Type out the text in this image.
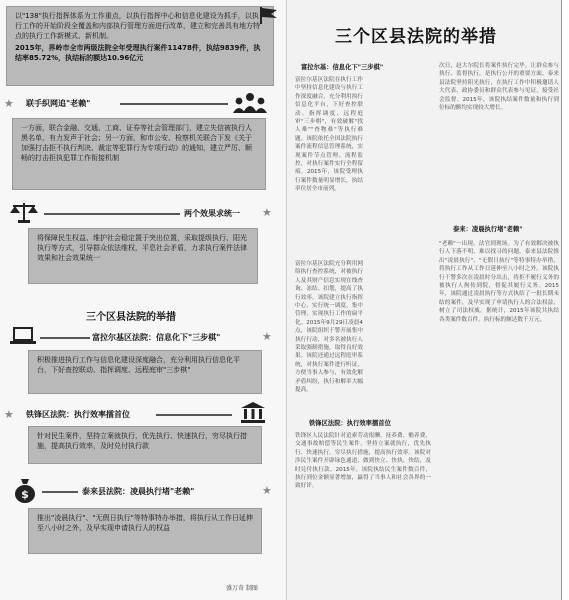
以"138"执行指挥体系为工作重点，以执行指挥中心和信息化建设为抓手，以执行工作的开始阶段全覆盖和内部执行管理方面进行改革，建立和完善具有地方特点的执行工作新模式、新机制。
2015年，界岭市全市两级法院全年受理执行案件11478件，执结9839件，执结率85.72%，执结标的额达10.96亿元
★ 联手织网追"老赖"
一方面，联合金融、交通、工商、证券等社会管理部门，建立失信被执行人黑名单，有力发声于社会；另一方面，和市公安、检察机关联合下发《关于加强打击拒不执行判决、裁定等犯罪行为专项行动》的通知，建立严厉、顺畅的打击拒执犯罪工作衔接机制
两个效果求统一 ★
将保障民生权益、维护社会稳定置于突出位置，采取提级执行、阳光执行等方式，引导群众依法维权，平息社会矛盾，力求执行案件法律效果和社会效果统一
三个区县法院的举措
富拉尔基区法院：信息化下"三步棋"	★
积极推进执行工作与信息化建设深度融合，充分利用执行信息化平台，下好查控联动、指挥调度、远程庭审"三步棋"
★ 铁锋区法院：执行效率擂首位
针对民生案件，坚持立案就执行，优先执行、快速执行，穷尽执行措施，提高执行效率，及时兑付执行款
$	泰来县法院：凌晨执行堵"老赖"	★
推出"凌晨执行"、"无假日执行"等特事特办举措，将执行从工作日延伸至八小时之外，及早实现申请执行人的权益
盛万奇 制图
三个区县法院的举措
富拉尔基：信息化下"三步棋"
富拉尔基区法院在执行工作中坚持信息化建设与执行工作深度融合，充分利用执行信息化平台，下好查控联动、指挥调度、远程庭审"三步棋"，有效破解"找人难""查物难"等执行难题。该院依托全国法院执行案件流程信息管理系统，实现案件节点管理、流程监控，对执行案件实行全程留痕。2015年，该院受理执行案件数量明显增长，执结率位居全市前列。
富拉尔基区法院充分利用网络执行查控系统，对被执行人及其财产信息实现在线查询、冻结、扣划，提高了执行效率。该院建立执行指挥中心，实行统一调度、集中管理，实现执行工作的扁平化。2015年9月29日凌晨4点，该院组织干警开展集中执行行动，对多名被执行人采取强制措施，取得良好效果。该院还通过远程庭审系统，对执行案件进行听证，方便当事人参与，有效化解矛盾纠纷，执行和解率大幅提高。
铁锋区法院：执行效率擂首位
铁锋区人民法院针对追索劳动报酬、抚养费、赡养费、交通事故赔偿等民生案件，坚持立案就执行，优先执行、快速执行，穷尽执行措施，提高执行效率。该院对涉民生案件开辟绿色通道，做到快立、快执、快结，及时兑付执行款。2015年，该院执结民生案件数百件，执行到位金额显著增加，赢得了当事人和社会各界的一致好评。
次日，赵大尔院长将案件执行完毕。让群众参与执行、监督执行，是执行公开的重要方面。泰来县法院坚持阳光执行，在执行工作中积极邀请人大代表、政协委员和群众代表参与见证，接受社会监督。2015年，该院执结案件数量和执行到位标的额均实现较大增长。
泰来：凌晨执行堵"老赖"
"老赖"一出现，法官到现场。为了有效解决被执行人下落不明、难以找寻的问题，泰来县法院推出"凌晨执行"、"无假日执行"等特事特办举措，将执行工作从工作日延伸至八小时之外。该院执行干警多次在凌晨时分出击，将拒不履行义务的被执行人拘传到院，督促其履行义务。2015年，该院通过凌晨执行等方式执结了一批长期未结的案件，及早实现了申请执行人的合法权益，树立了司法权威。据统计，2015年该院共执结各类案件数百件，执行标的额达数千万元。
